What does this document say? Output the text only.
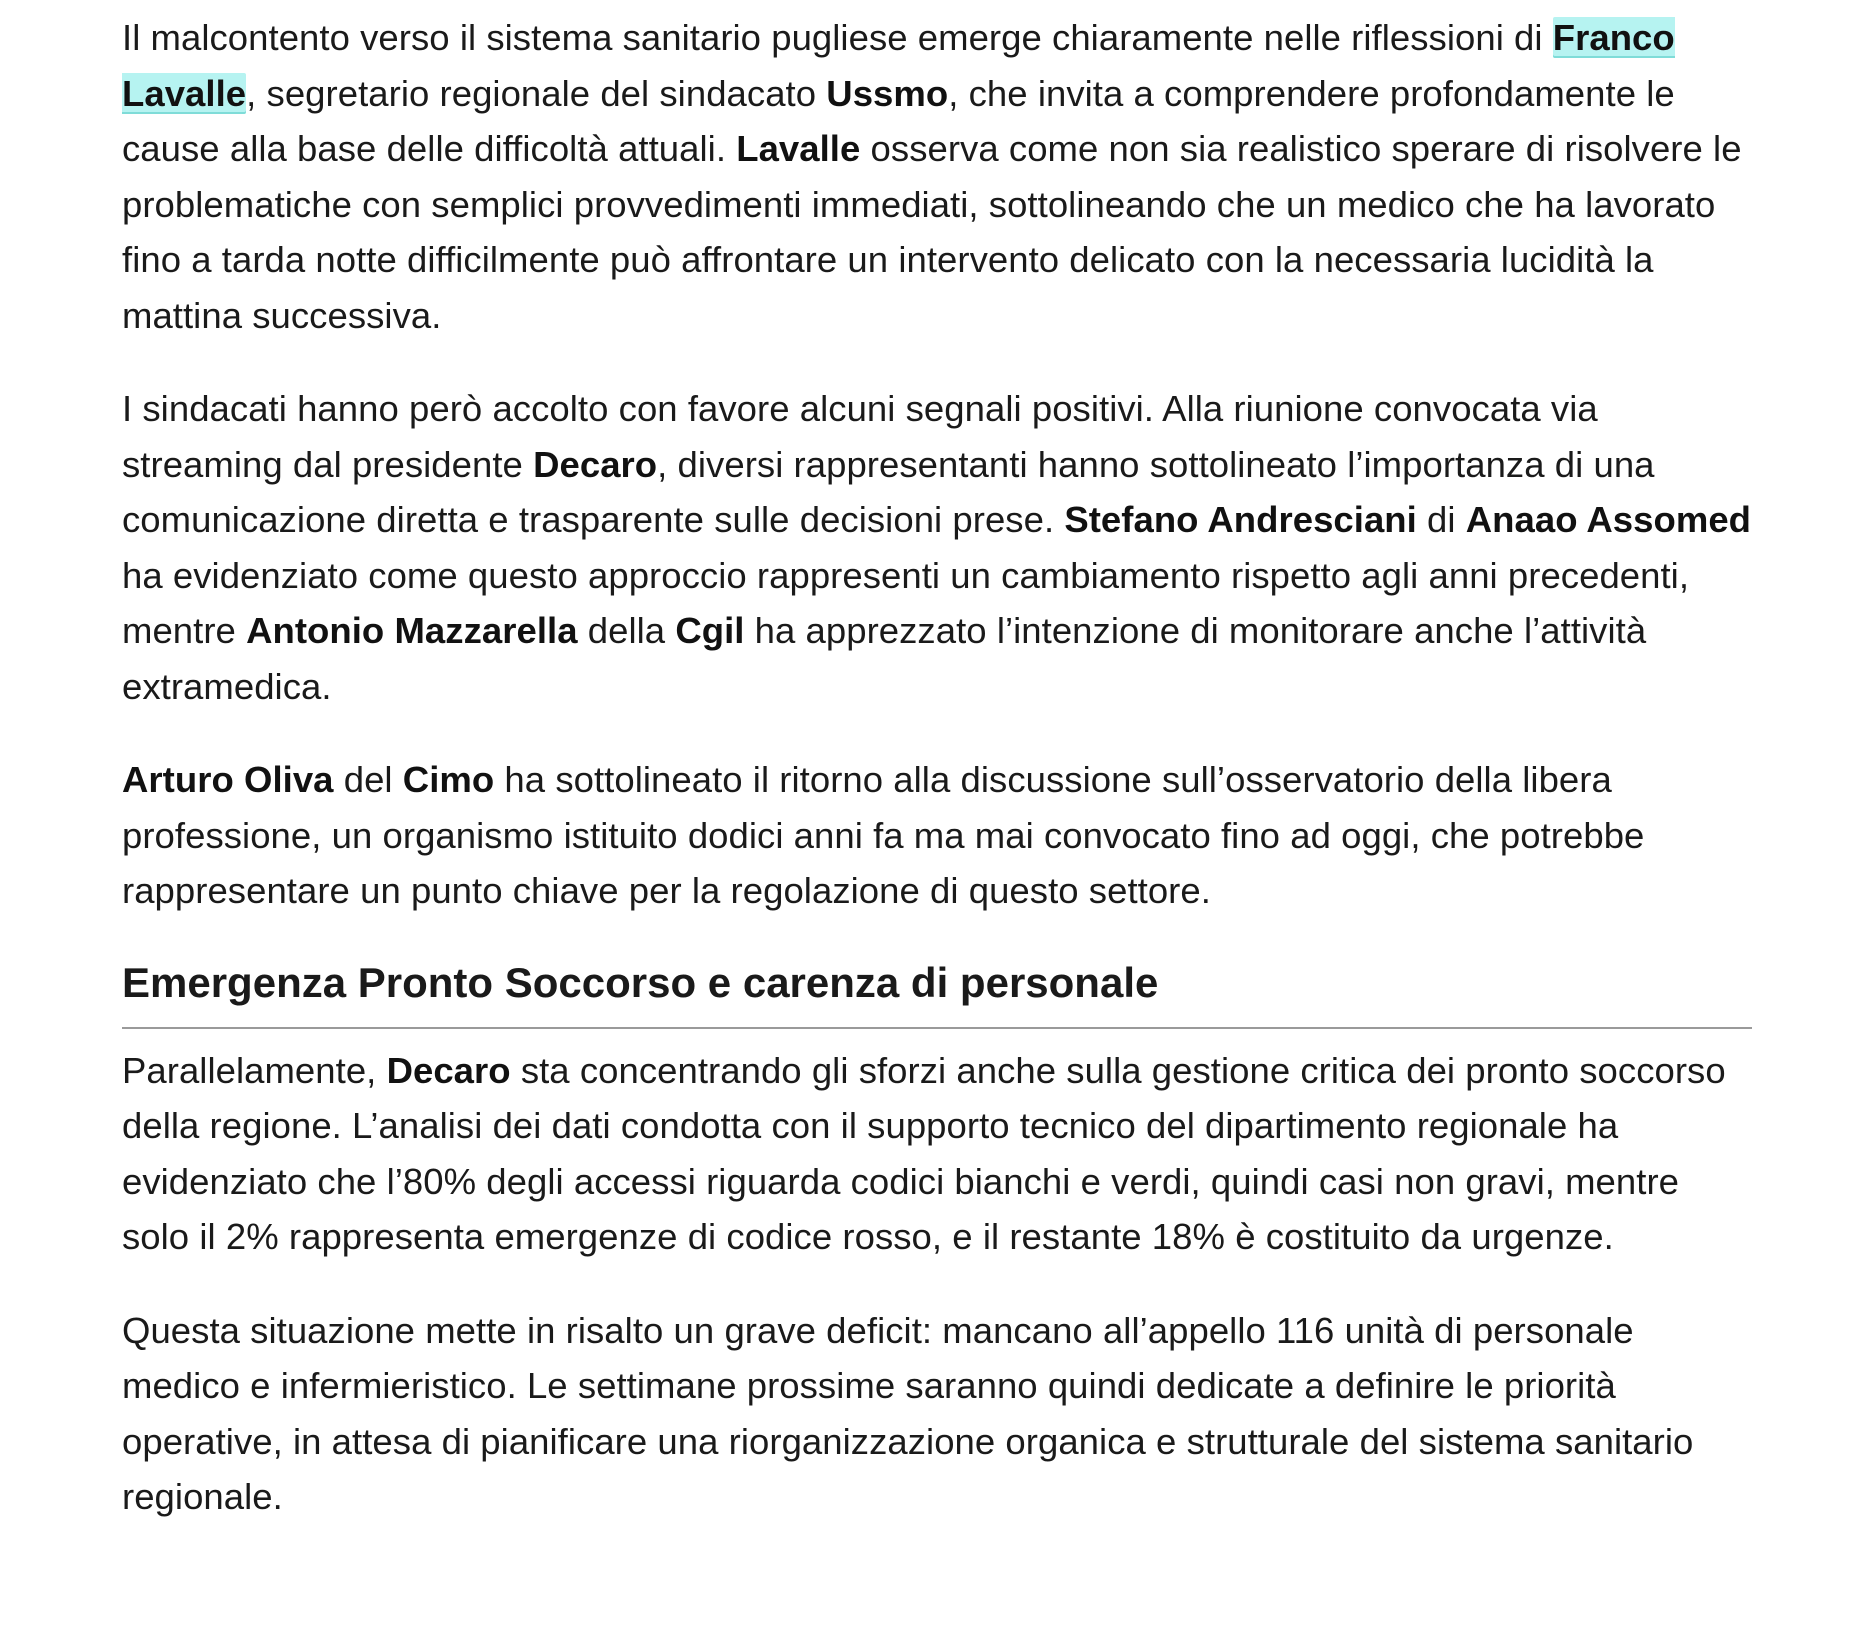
Il malcontento verso il sistema sanitario pugliese emerge chiaramente nelle riflessioni di Franco Lavalle, segretario regionale del sindacato Ussmo, che invita a comprendere profondamente le cause alla base delle difficoltà attuali. Lavalle osserva come non sia realistico sperare di risolvere le problematiche con semplici provvedimenti immediati, sottolineando che un medico che ha lavorato fino a tarda notte difficilmente può affrontare un intervento delicato con la necessaria lucidità la mattina successiva.

I sindacati hanno però accolto con favore alcuni segnali positivi. Alla riunione convocata via streaming dal presidente Decaro, diversi rappresentanti hanno sottolineato l’importanza di una comunicazione diretta e trasparente sulle decisioni prese. Stefano Andresciani di Anaao Assomed ha evidenziato come questo approccio rappresenti un cambiamento rispetto agli anni precedenti, mentre Antonio Mazzarella della Cgil ha apprezzato l’intenzione di monitorare anche l’attività extramedica.

Arturo Oliva del Cimo ha sottolineato il ritorno alla discussione sull’osservatorio della libera professione, un organismo istituito dodici anni fa ma mai convocato fino ad oggi, che potrebbe rappresentare un punto chiave per la regolazione di questo settore.

Emergenza Pronto Soccorso e carenza di personale

Parallelamente, Decaro sta concentrando gli sforzi anche sulla gestione critica dei pronto soccorso della regione. L’analisi dei dati condotta con il supporto tecnico del dipartimento regionale ha evidenziato che l’80% degli accessi riguarda codici bianchi e verdi, quindi casi non gravi, mentre solo il 2% rappresenta emergenze di codice rosso, e il restante 18% è costituito da urgenze.

Questa situazione mette in risalto un grave deficit: mancano all’appello 116 unità di personale medico e infermieristico. Le settimane prossime saranno quindi dedicate a definire le priorità operative, in attesa di pianificare una riorganizzazione organica e strutturale del sistema sanitario regionale.
